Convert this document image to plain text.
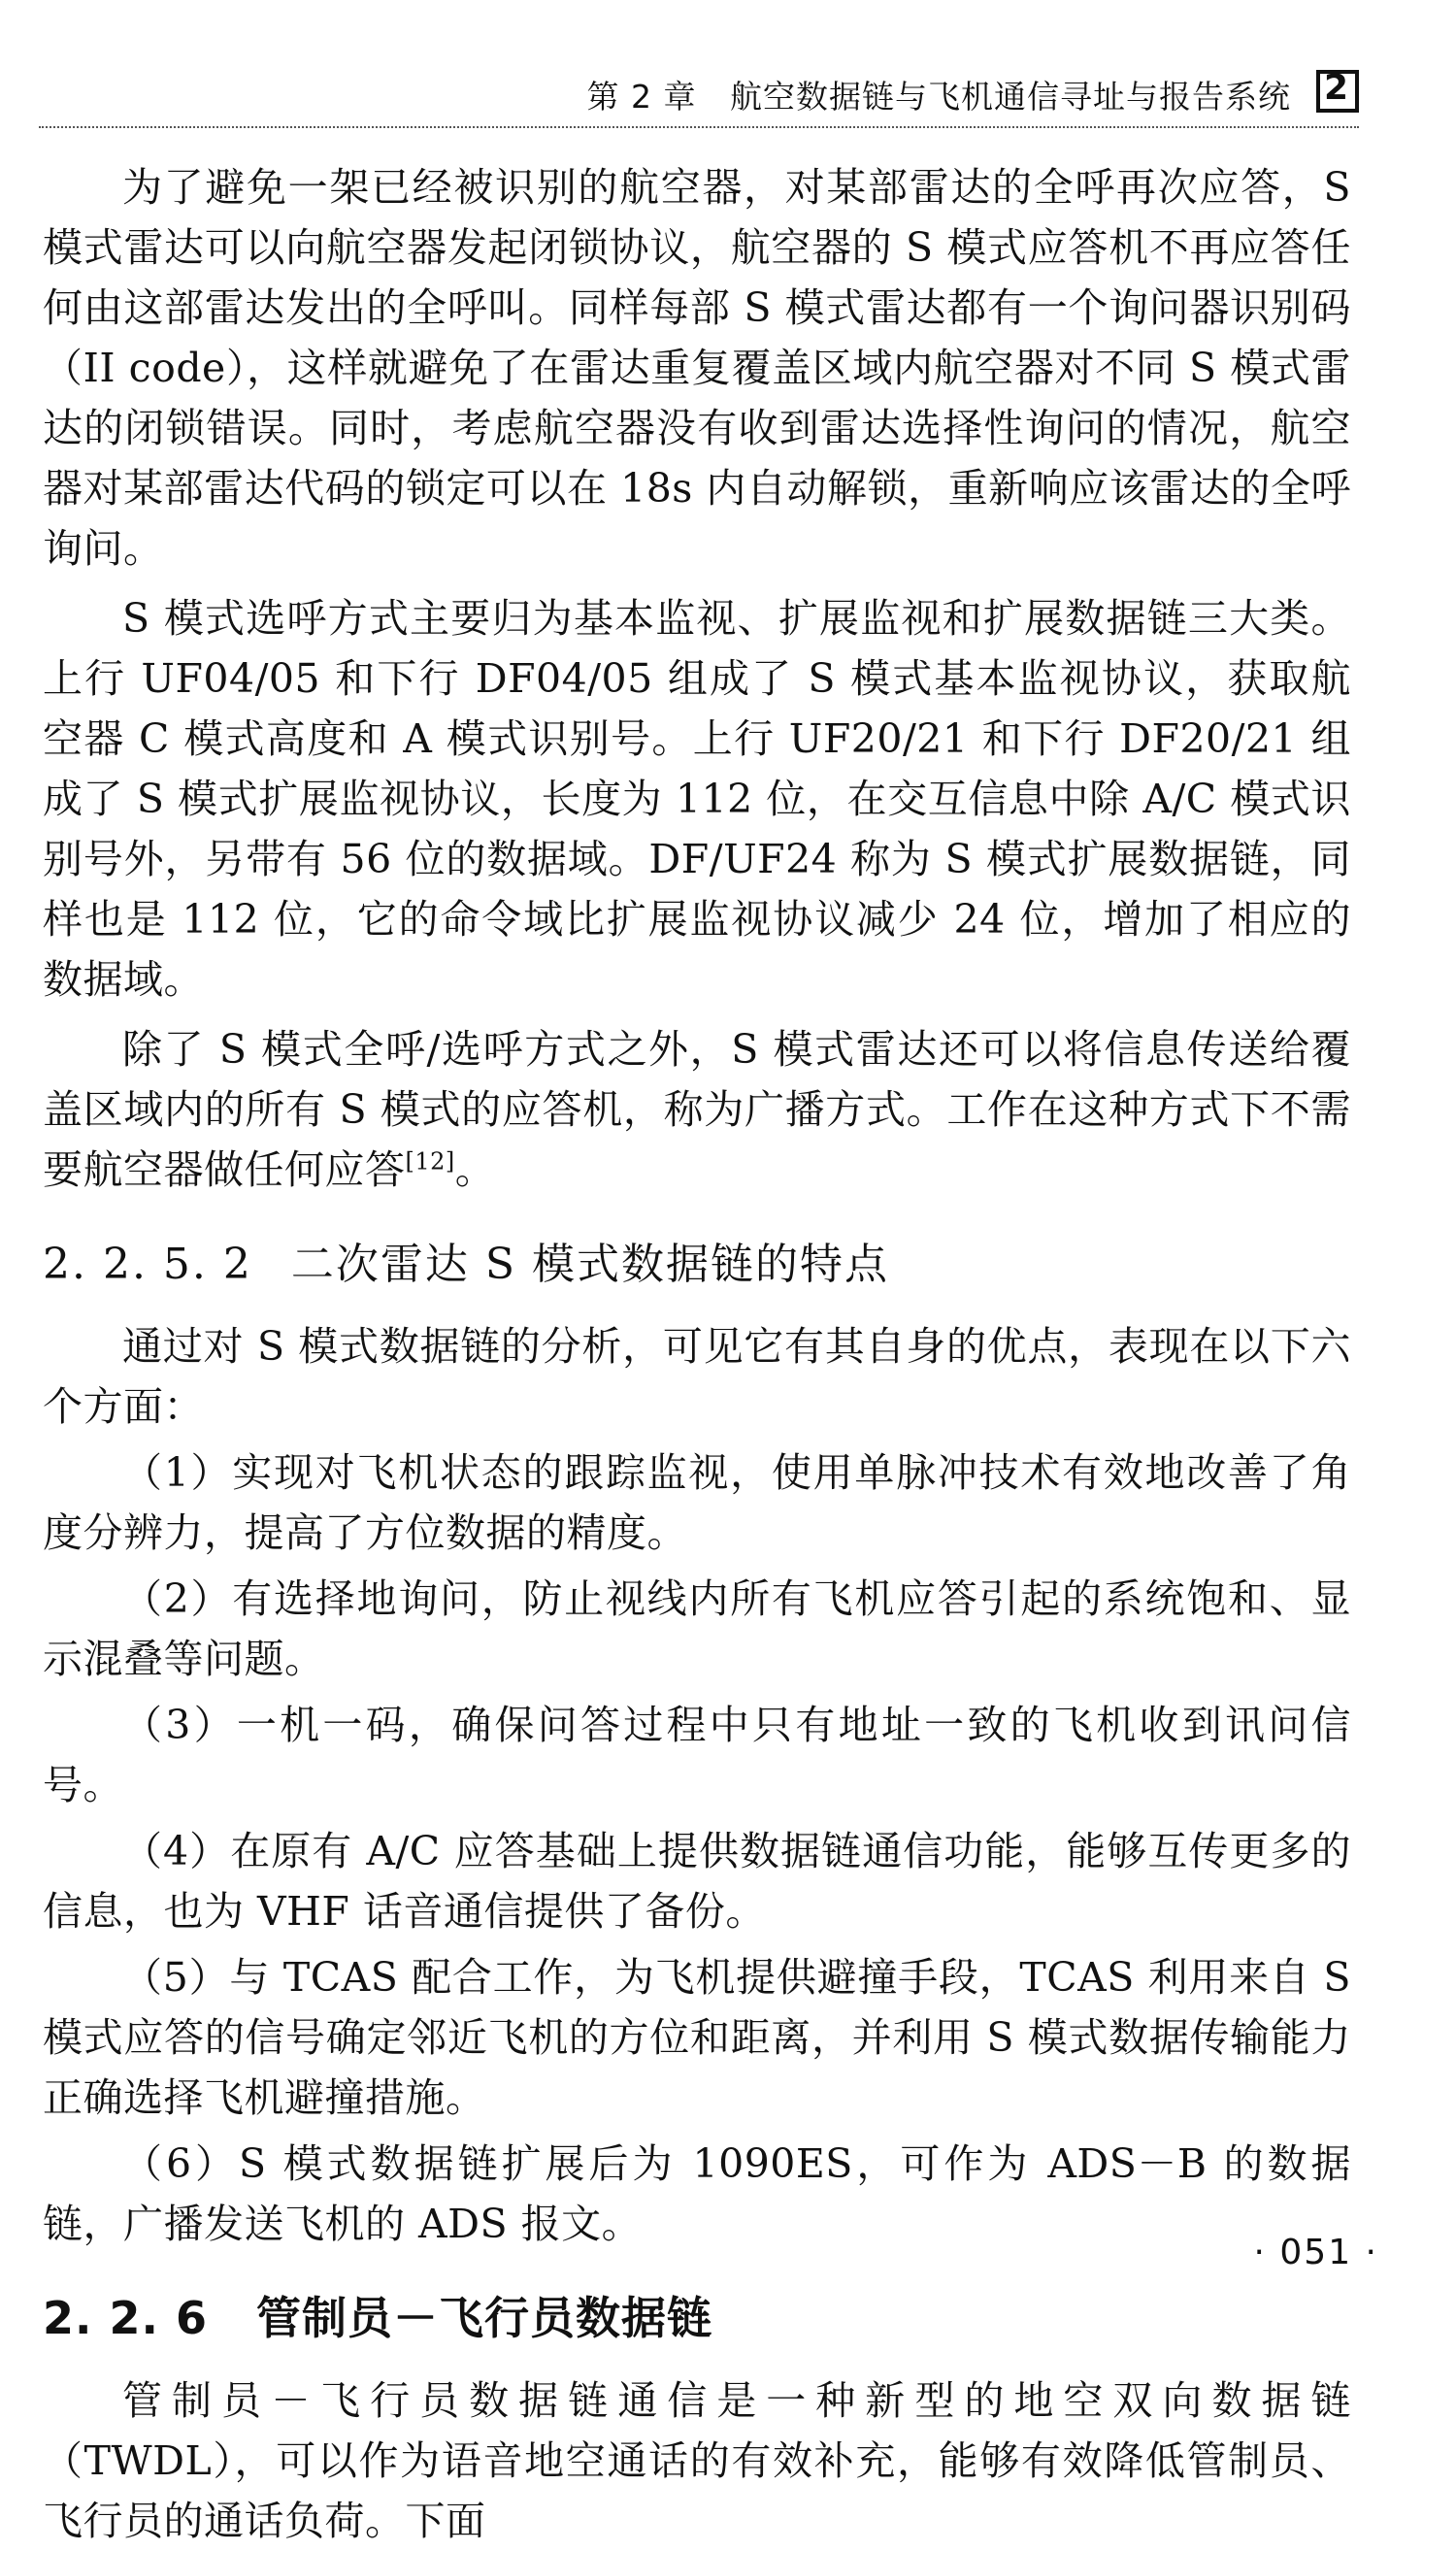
第 2 章 航空数据链与飞机通信寻址与报告系统 2

为了避免一架已经被识别的航空器，对某部雷达的全呼再次应答，S 模式雷达可以向航空器发起闭锁协议，航空器的 S 模式应答机不再应答任何由这部雷达发出的全呼叫。同样每部 S 模式雷达都有一个询问器识别码（II code），这样就避免了在雷达重复覆盖区域内航空器对不同 S 模式雷达的闭锁错误。同时，考虑航空器没有收到雷达选择性询问的情况，航空器对某部雷达代码的锁定可以在 18s 内自动解锁，重新响应该雷达的全呼询问。

S 模式选呼方式主要归为基本监视、扩展监视和扩展数据链三大类。上行 UF04/05 和下行 DF04/05 组成了 S 模式基本监视协议，获取航空器 C 模式高度和 A 模式识别号。上行 UF20/21 和下行 DF20/21 组成了 S 模式扩展监视协议，长度为 112 位，在交互信息中除 A/C 模式识别号外，另带有 56 位的数据域。DF/UF24 称为 S 模式扩展数据链，同样也是 112 位，它的命令域比扩展监视协议减少 24 位，增加了相应的数据域。

除了 S 模式全呼/选呼方式之外，S 模式雷达还可以将信息传送给覆盖区域内的所有 S 模式的应答机，称为广播方式。工作在这种方式下不需要航空器做任何应答[12]。

2. 2. 5. 2 二次雷达 S 模式数据链的特点

通过对 S 模式数据链的分析，可见它有其自身的优点，表现在以下六个方面：

（1）实现对飞机状态的跟踪监视，使用单脉冲技术有效地改善了角度分辨力，提高了方位数据的精度。

（2）有选择地询问，防止视线内所有飞机应答引起的系统饱和、显示混叠等问题。

（3）一机一码，确保问答过程中只有地址一致的飞机收到讯问信号。

（4）在原有 A/C 应答基础上提供数据链通信功能，能够互传更多的信息，也为 VHF 话音通信提供了备份。

（5）与 TCAS 配合工作，为飞机提供避撞手段，TCAS 利用来自 S 模式应答的信号确定邻近飞机的方位和距离，并利用 S 模式数据传输能力正确选择飞机避撞措施。

（6）S 模式数据链扩展后为 1090ES，可作为 ADS－B 的数据链，广播发送飞机的 ADS 报文。

2. 2. 6 管制员－飞行员数据链

管制员－飞行员数据链通信是一种新型的地空双向数据链（TWDL），可以作为语音地空通话的有效补充，能够有效降低管制员、飞行员的通话负荷。下面

· 051 ·
